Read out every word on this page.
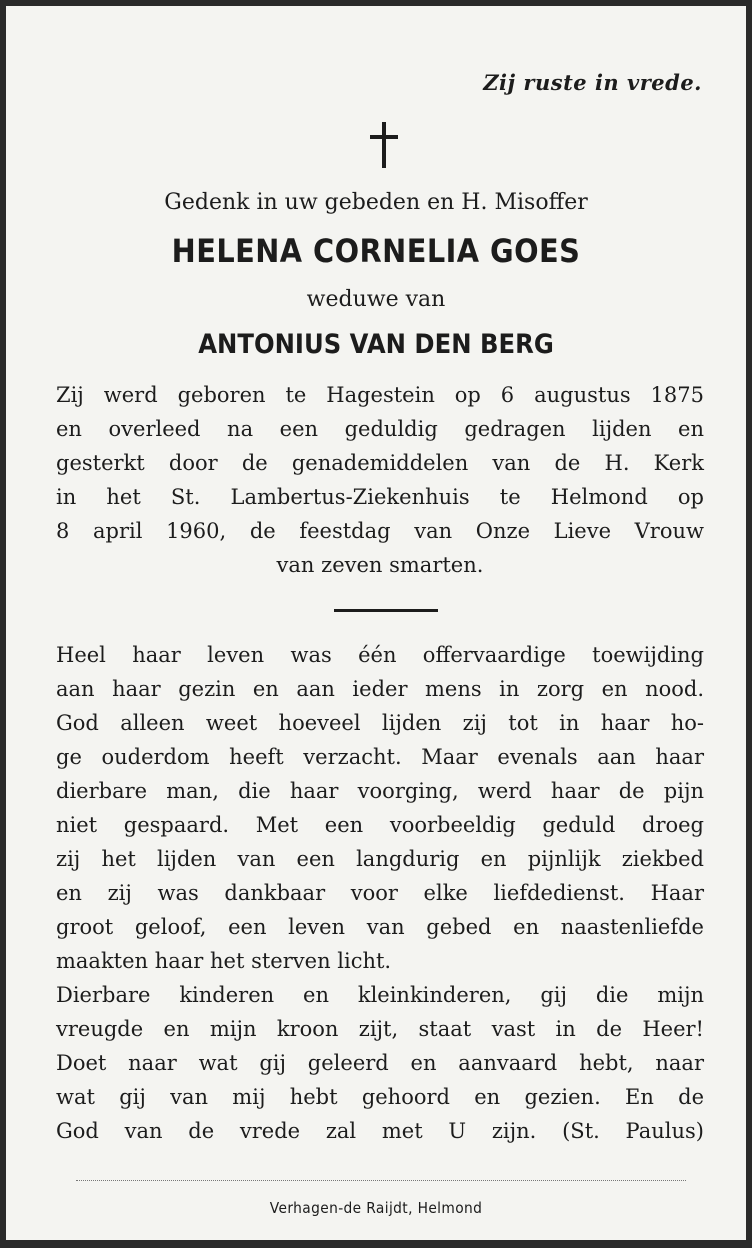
Zij ruste in vrede.
Gedenk in uw gebeden en H. Misoffer
HELENA CORNELIA GOES
weduwe van
ANTONIUS VAN DEN BERG
Zij werd geboren te Hagestein op 6 augustus 1875
en overleed na een geduldig gedragen lijden en
gesterkt door de genademiddelen van de H. Kerk
in het St. Lambertus-Ziekenhuis te Helmond op
8 april 1960, de feestdag van Onze Lieve Vrouw
van zeven smarten.
Heel haar leven was één offervaardige toewijding
aan haar gezin en aan ieder mens in zorg en nood.
God alleen weet hoeveel lijden zij tot in haar ho-
ge ouderdom heeft verzacht. Maar evenals aan haar
dierbare man, die haar voorging, werd haar de pijn
niet gespaard. Met een voorbeeldig geduld droeg
zij het lijden van een langdurig en pijnlijk ziekbed
en zij was dankbaar voor elke liefdedienst. Haar
groot geloof, een leven van gebed en naastenliefde
maakten haar het sterven licht.
Dierbare kinderen en kleinkinderen, gij die mijn
vreugde en mijn kroon zijt, staat vast in de Heer!
Doet naar wat gij geleerd en aanvaard hebt, naar
wat gij van mij hebt gehoord en gezien. En de
God van de vrede zal met U zijn. (St. Paulus)
Verhagen-de Raijdt, Helmond
